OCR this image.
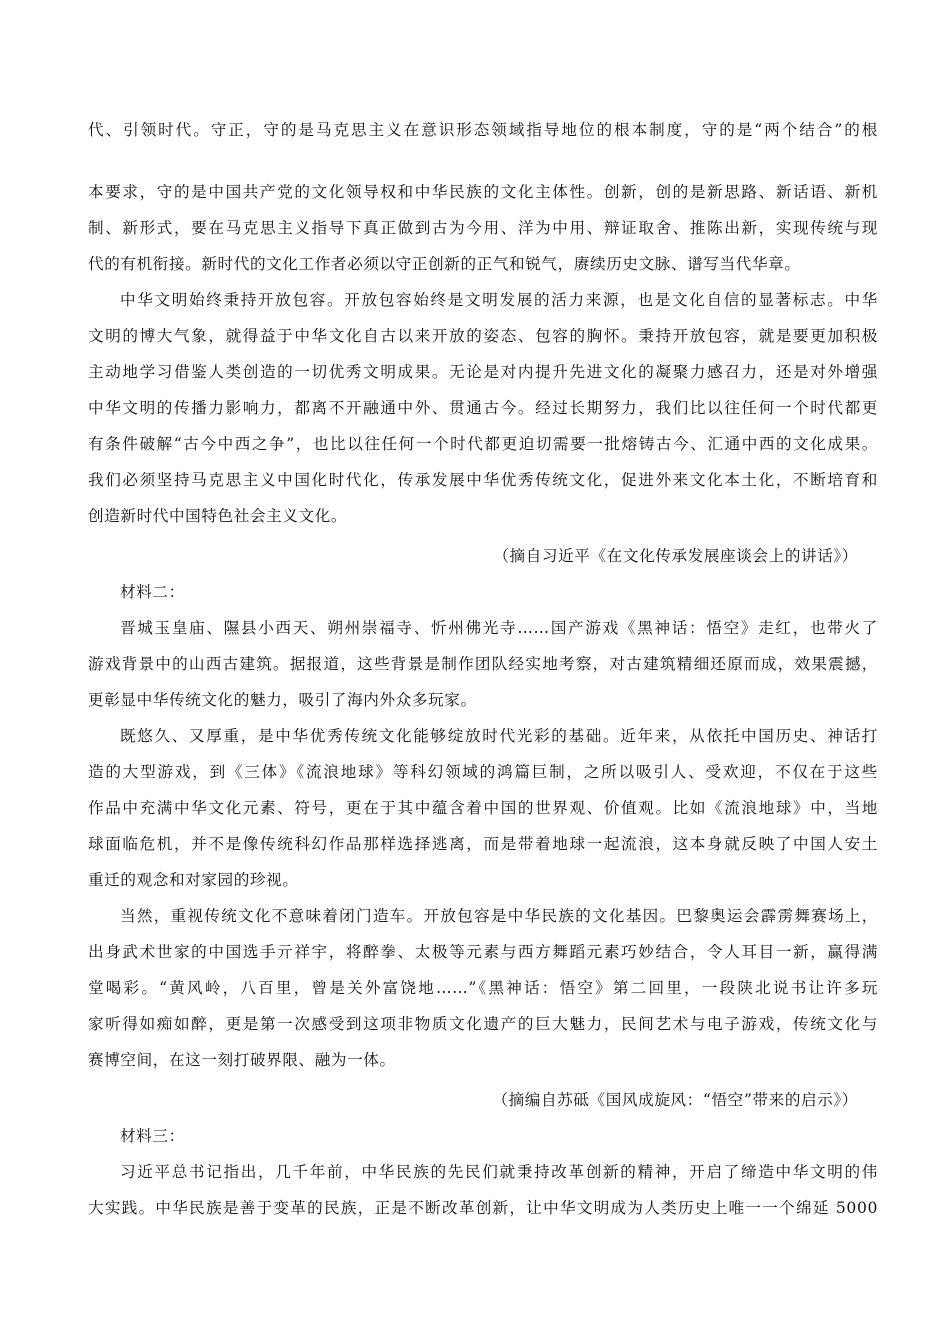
代、引领时代。守正，守的是马克思主义在意识形态领域指导地位的根本制度，守的是“两个结合”的根
本要求，守的是中国共产党的文化领导权和中华民族的文化主体性。创新，创的是新思路、新话语、新机
制、新形式，要在马克思主义指导下真正做到古为今用、洋为中用、辩证取舍、推陈出新，实现传统与现
代的有机衔接。新时代的文化工作者必须以守正创新的正气和锐气，赓续历史文脉、谱写当代华章。
中华文明始终秉持开放包容。开放包容始终是文明发展的活力来源，也是文化自信的显著标志。中华
文明的博大气象，就得益于中华文化自古以来开放的姿态、包容的胸怀。秉持开放包容，就是要更加积极
主动地学习借鉴人类创造的一切优秀文明成果。无论是对内提升先进文化的凝聚力感召力，还是对外增强
中华文明的传播力影响力，都离不开融通中外、贯通古今。经过长期努力，我们比以往任何一个时代都更
有条件破解“古今中西之争”，也比以往任何一个时代都更迫切需要一批熔铸古今、汇通中西的文化成果。
我们必须坚持马克思主义中国化时代化，传承发展中华优秀传统文化，促进外来文化本土化，不断培育和
创造新时代中国特色社会主义文化。
（摘自习近平《在文化传承发展座谈会上的讲话》）
材料二：
晋城玉皇庙、隰县小西天、朔州崇福寺、忻州佛光寺……国产游戏《黑神话：悟空》走红，也带火了
游戏背景中的山西古建筑。据报道，这些背景是制作团队经实地考察，对古建筑精细还原而成，效果震撼，
更彰显中华传统文化的魅力，吸引了海内外众多玩家。
既悠久、又厚重，是中华优秀传统文化能够绽放时代光彩的基础。近年来，从依托中国历史、神话打
造的大型游戏，到《三体》《流浪地球》等科幻领域的鸿篇巨制，之所以吸引人、受欢迎，不仅在于这些
作品中充满中华文化元素、符号，更在于其中蕴含着中国的世界观、价值观。比如《流浪地球》中，当地
球面临危机，并不是像传统科幻作品那样选择逃离，而是带着地球一起流浪，这本身就反映了中国人安土
重迁的观念和对家园的珍视。
当然，重视传统文化不意味着闭门造车。开放包容是中华民族的文化基因。巴黎奥运会霹雳舞赛场上，
出身武术世家的中国选手亓祥宇，将醉拳、太极等元素与西方舞蹈元素巧妙结合，令人耳目一新，赢得满
堂喝彩。“黄风岭，八百里，曾是关外富饶地……”《黑神话：悟空》第二回里，一段陕北说书让许多玩
家听得如痴如醉，更是第一次感受到这项非物质文化遗产的巨大魅力，民间艺术与电子游戏，传统文化与
赛博空间，在这一刻打破界限、融为一体。
（摘编自苏砥《国风成旋风：“悟空”带来的启示》）
材料三：
习近平总书记指出，几千年前，中华民族的先民们就秉持改革创新的精神，开启了缔造中华文明的伟
大实践。中华民族是善于变革的民族，正是不断改革创新，让中华文明成为人类历史上唯一一个绵延 5000
